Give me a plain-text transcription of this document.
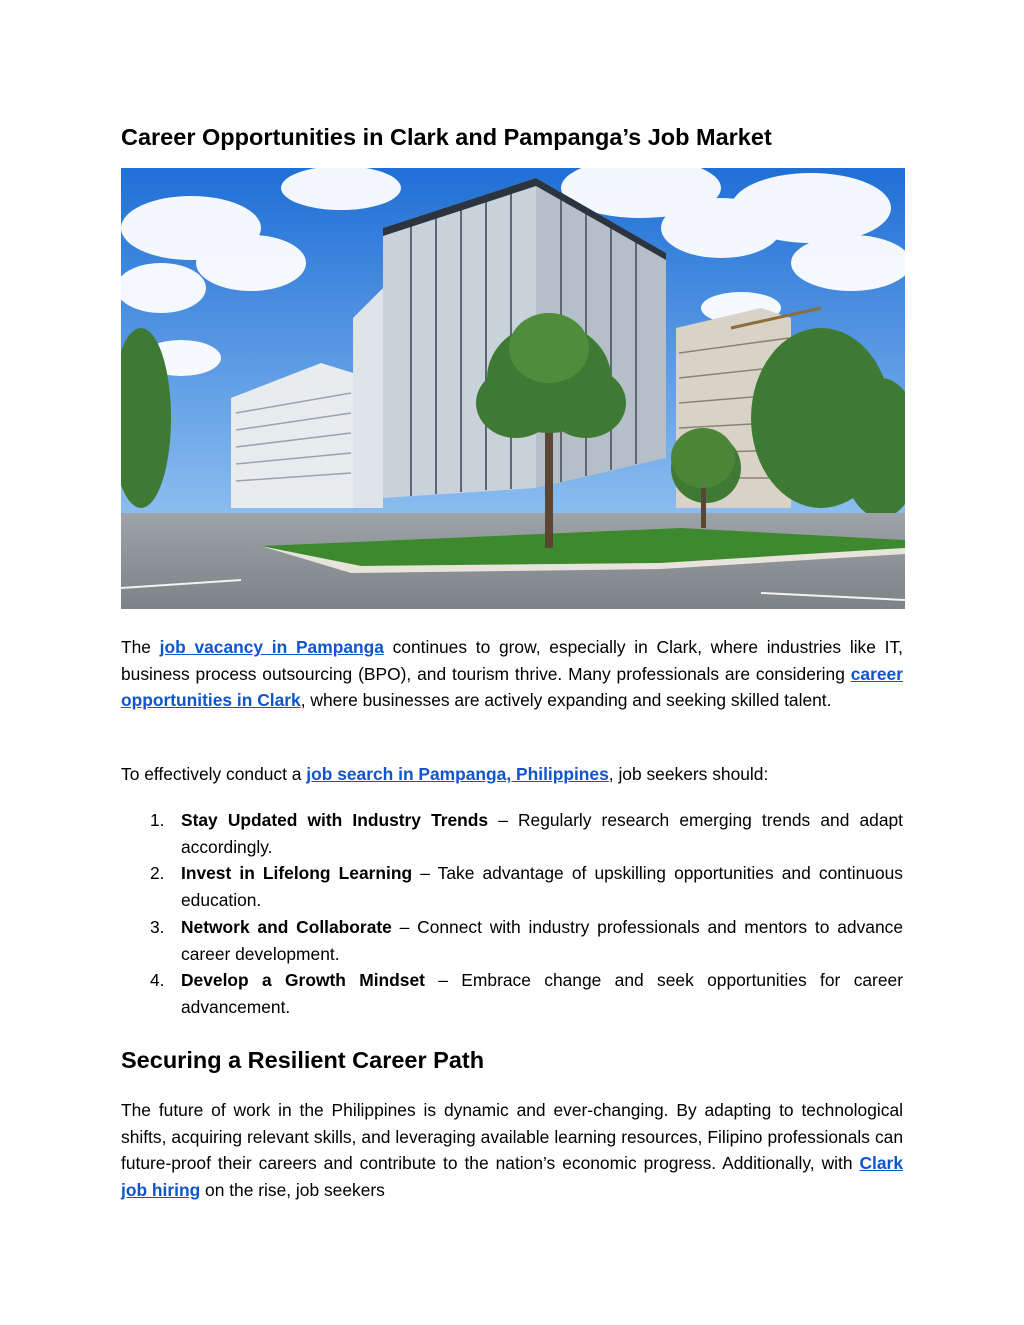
Career Opportunities in Clark and Pampanga’s Job Market

The job vacancy in Pampanga continues to grow, especially in Clark, where industries like IT, business process outsourcing (BPO), and tourism thrive. Many professionals are considering career opportunities in Clark, where businesses are actively expanding and seeking skilled talent.

To effectively conduct a job search in Pampanga, Philippines, job seekers should:

1. Stay Updated with Industry Trends – Regularly research emerging trends and adapt accordingly.
2. Invest in Lifelong Learning – Take advantage of upskilling opportunities and continuous education.
3. Network and Collaborate – Connect with industry professionals and mentors to advance career development.
4. Develop a Growth Mindset – Embrace change and seek opportunities for career advancement.
Securing a Resilient Career Path

The future of work in the Philippines is dynamic and ever-changing. By adapting to technological shifts, acquiring relevant skills, and leveraging available learning resources, Filipino professionals can future-proof their careers and contribute to the nation’s economic progress. Additionally, with Clark job hiring on the rise, job seekers
